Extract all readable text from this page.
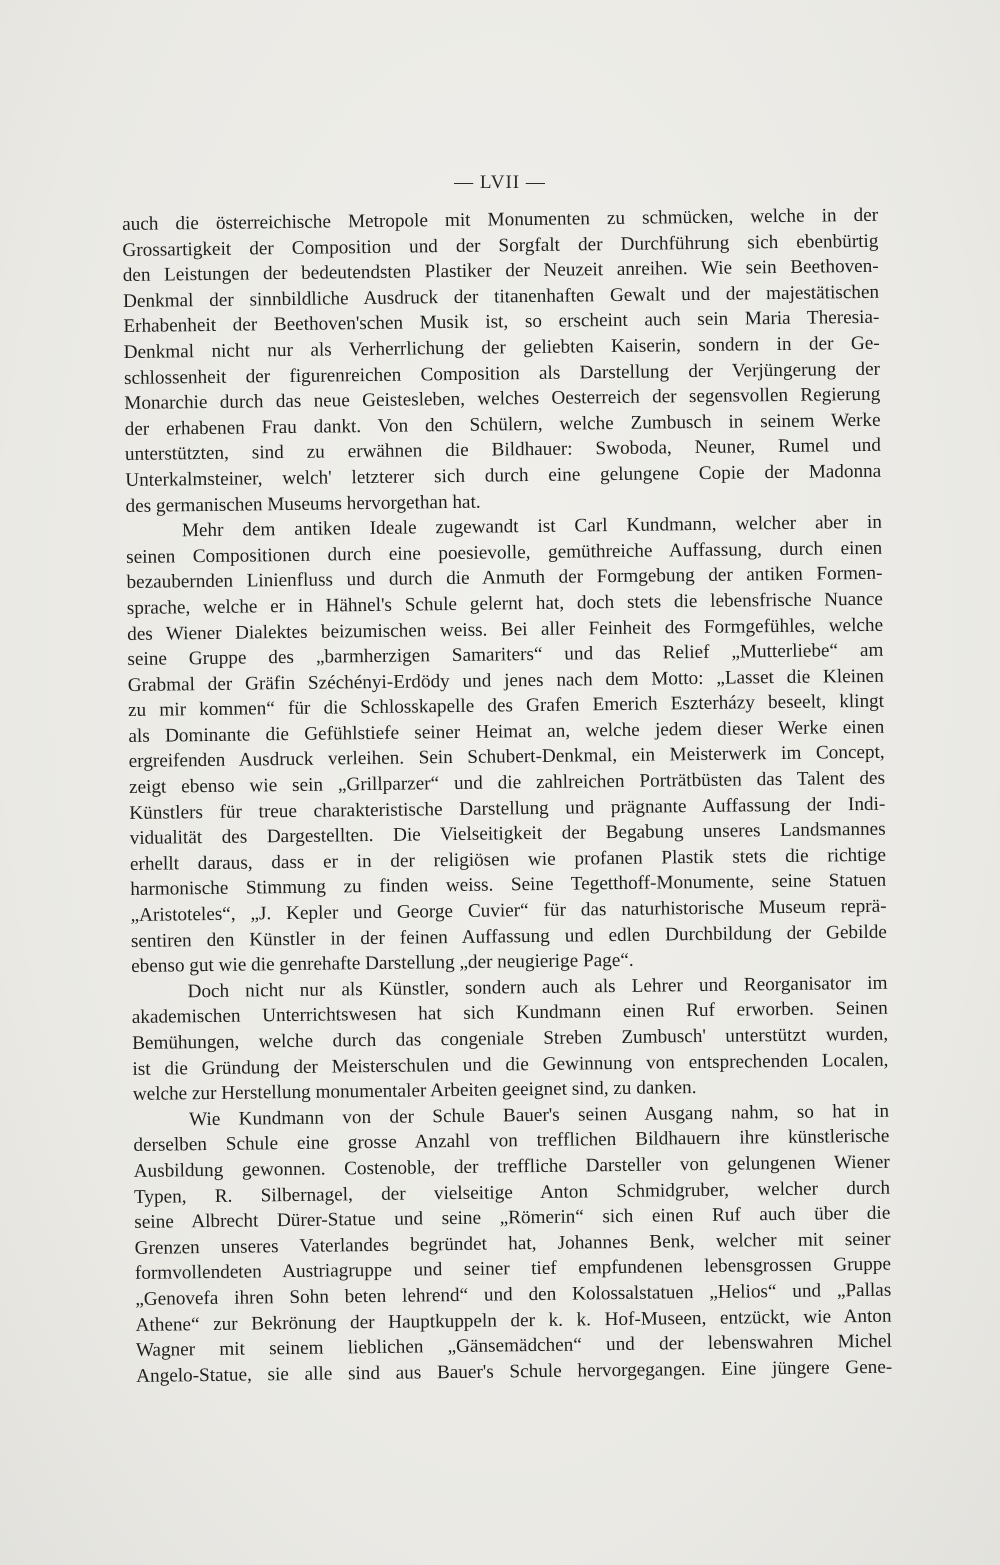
— LVII —
auch die österreichische Metropole mit Monumenten zu schmücken, welche in der
Grossartigkeit der Composition und der Sorgfalt der Durchführung sich ebenbürtig
den Leistungen der bedeutendsten Plastiker der Neuzeit anreihen. Wie sein Beethoven-
Denkmal der sinnbildliche Ausdruck der titanenhaften Gewalt und der majestätischen
Erhabenheit der Beethoven'schen Musik ist, so erscheint auch sein Maria Theresia-
Denkmal nicht nur als Verherrlichung der geliebten Kaiserin, sondern in der Ge-
schlossenheit der figurenreichen Composition als Darstellung der Verjüngerung der
Monarchie durch das neue Geistesleben, welches Oesterreich der segensvollen Regierung
der erhabenen Frau dankt. Von den Schülern, welche Zumbusch in seinem Werke
unterstützten, sind zu erwähnen die Bildhauer: Swoboda, Neuner, Rumel und
Unterkalmsteiner, welch' letzterer sich durch eine gelungene Copie der Madonna
des germanischen Museums hervorgethan hat.
Mehr dem antiken Ideale zugewandt ist Carl Kundmann, welcher aber in
seinen Compositionen durch eine poesievolle, gemüthreiche Auffassung, durch einen
bezaubernden Linienfluss und durch die Anmuth der Formgebung der antiken Formen-
sprache, welche er in Hähnel's Schule gelernt hat, doch stets die lebensfrische Nuance
des Wiener Dialektes beizumischen weiss. Bei aller Feinheit des Formgefühles, welche
seine Gruppe des „barmherzigen Samariters“ und das Relief „Mutterliebe“ am
Grabmal der Gräfin Széchényi-Erdödy und jenes nach dem Motto: „Lasset die Kleinen
zu mir kommen“ für die Schlosskapelle des Grafen Emerich Eszterházy beseelt, klingt
als Dominante die Gefühlstiefe seiner Heimat an, welche jedem dieser Werke einen
ergreifenden Ausdruck verleihen. Sein Schubert-Denkmal, ein Meisterwerk im Concept,
zeigt ebenso wie sein „Grillparzer“ und die zahlreichen Porträtbüsten das Talent des
Künstlers für treue charakteristische Darstellung und prägnante Auffassung der Indi-
vidualität des Dargestellten. Die Vielseitigkeit der Begabung unseres Landsmannes
erhellt daraus, dass er in der religiösen wie profanen Plastik stets die richtige
harmonische Stimmung zu finden weiss. Seine Tegetthoff-Monumente, seine Statuen
„Aristoteles“, „J. Kepler und George Cuvier“ für das naturhistorische Museum reprä-
sentiren den Künstler in der feinen Auffassung und edlen Durchbildung der Gebilde
ebenso gut wie die genrehafte Darstellung „der neugierige Page“.
Doch nicht nur als Künstler, sondern auch als Lehrer und Reorganisator im
akademischen Unterrichtswesen hat sich Kundmann einen Ruf erworben. Seinen
Bemühungen, welche durch das congeniale Streben Zumbusch' unterstützt wurden,
ist die Gründung der Meisterschulen und die Gewinnung von entsprechenden Localen,
welche zur Herstellung monumentaler Arbeiten geeignet sind, zu danken.
Wie Kundmann von der Schule Bauer's seinen Ausgang nahm, so hat in
derselben Schule eine grosse Anzahl von trefflichen Bildhauern ihre künstlerische
Ausbildung gewonnen. Costenoble, der treffliche Darsteller von gelungenen Wiener
Typen, R. Silbernagel, der vielseitige Anton Schmidgruber, welcher durch
seine Albrecht Dürer-Statue und seine „Römerin“ sich einen Ruf auch über die
Grenzen unseres Vaterlandes begründet hat, Johannes Benk, welcher mit seiner
formvollendeten Austriagruppe und seiner tief empfundenen lebensgrossen Gruppe
„Genovefa ihren Sohn beten lehrend“ und den Kolossalstatuen „Helios“ und „Pallas
Athene“ zur Bekrönung der Hauptkuppeln der k. k. Hof-Museen, entzückt, wie Anton
Wagner mit seinem lieblichen „Gänsemädchen“ und der lebenswahren Michel
Angelo-Statue, sie alle sind aus Bauer's Schule hervorgegangen. Eine jüngere Gene-
